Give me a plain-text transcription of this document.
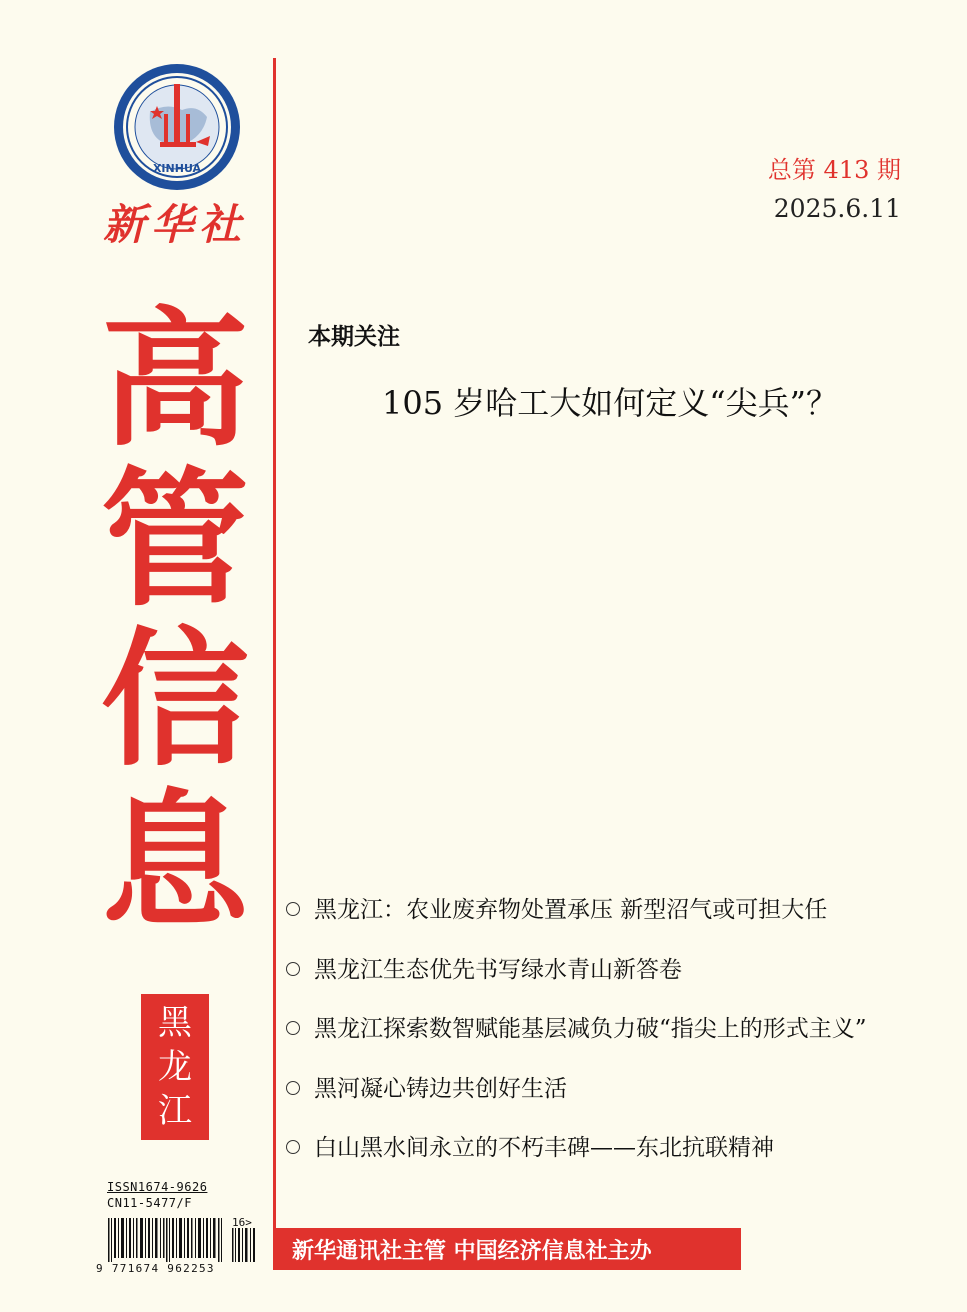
XINHUA
新华社
高
管
信
息
黑
龙
江
总第 413 期
2025.6.11
本期关注
105 岁哈工大如何定义“尖兵”？
黑龙江：农业废弃物处置承压 新型沼气或可担大任
黑龙江生态优先书写绿水青山新答卷
黑龙江探索数智赋能基层减负力破“指尖上的形式主义”
黑河凝心铸边共创好生活
白山黑水间永立的不朽丰碑——东北抗联精神
ISSN1674-9626
CN11-5477/F
16>
9 771674 962253
新华通讯社主管 中国经济信息社主办
